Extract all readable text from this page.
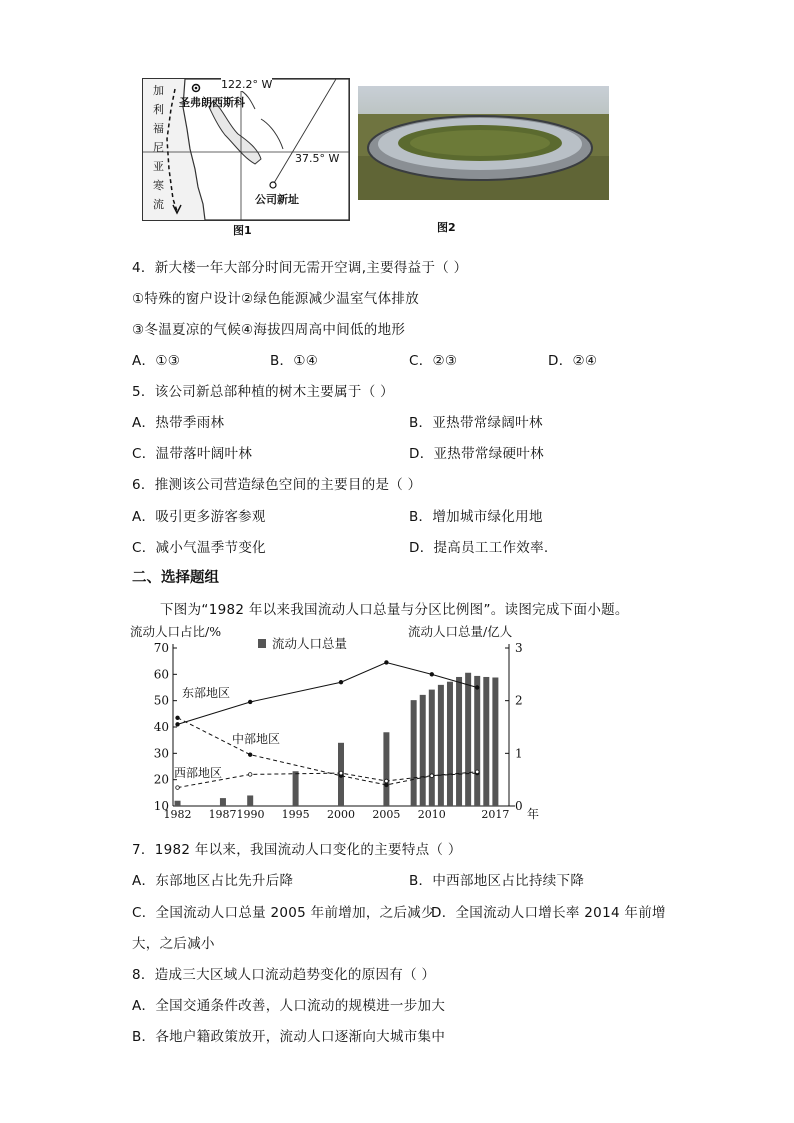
122.2° W
圣弗朗西斯科
37.5° W
公司新址
加
利
福
尼
亚
寒
流
图1	图2
4．新大楼一年大部分时间无需开空调,主要得益于（ ）
①特殊的窗户设计②绿色能源减少温室气体排放
③冬温夏凉的气候④海拔四周高中间低的地形
A．①③	B．①④	C．②③	D．②④
5．该公司新总部种植的树木主要属于（ ）
A．热带季雨林	B．亚热带常绿阔叶林
C．温带落叶阔叶林	D．亚热带常绿硬叶林
6．推测该公司营造绿色空间的主要目的是（ ）
A．吸引更多游客参观	B．增加城市绿化用地
C．减小气温季节变化	D．提高员工工作效率.
二、选择题组
下图为“1982 年以来我国流动人口总量与分区比例图”。读图完成下面小题。
10
20
30
40
50
60
70
0
1
2
3
1982 19871990 1995 2000 2005 2010	2017 年
流动人口占比/%	流动人口总量/亿人
流动人口总量
东部地区
中部地区
西部地区
7．1982 年以来，我国流动人口变化的主要特点（ ）
A．东部地区占比先升后降	B．中西部地区占比持续下降
C．全国流动人口总量 2005 年前增加，之后减少
D．全国流动人口增长率 2014 年前增
大，之后减小
8．造成三大区域人口流动趋势变化的原因有（ ）
A．全国交通条件改善，人口流动的规模进一步加大
B．各地户籍政策放开，流动人口逐渐向大城市集中
